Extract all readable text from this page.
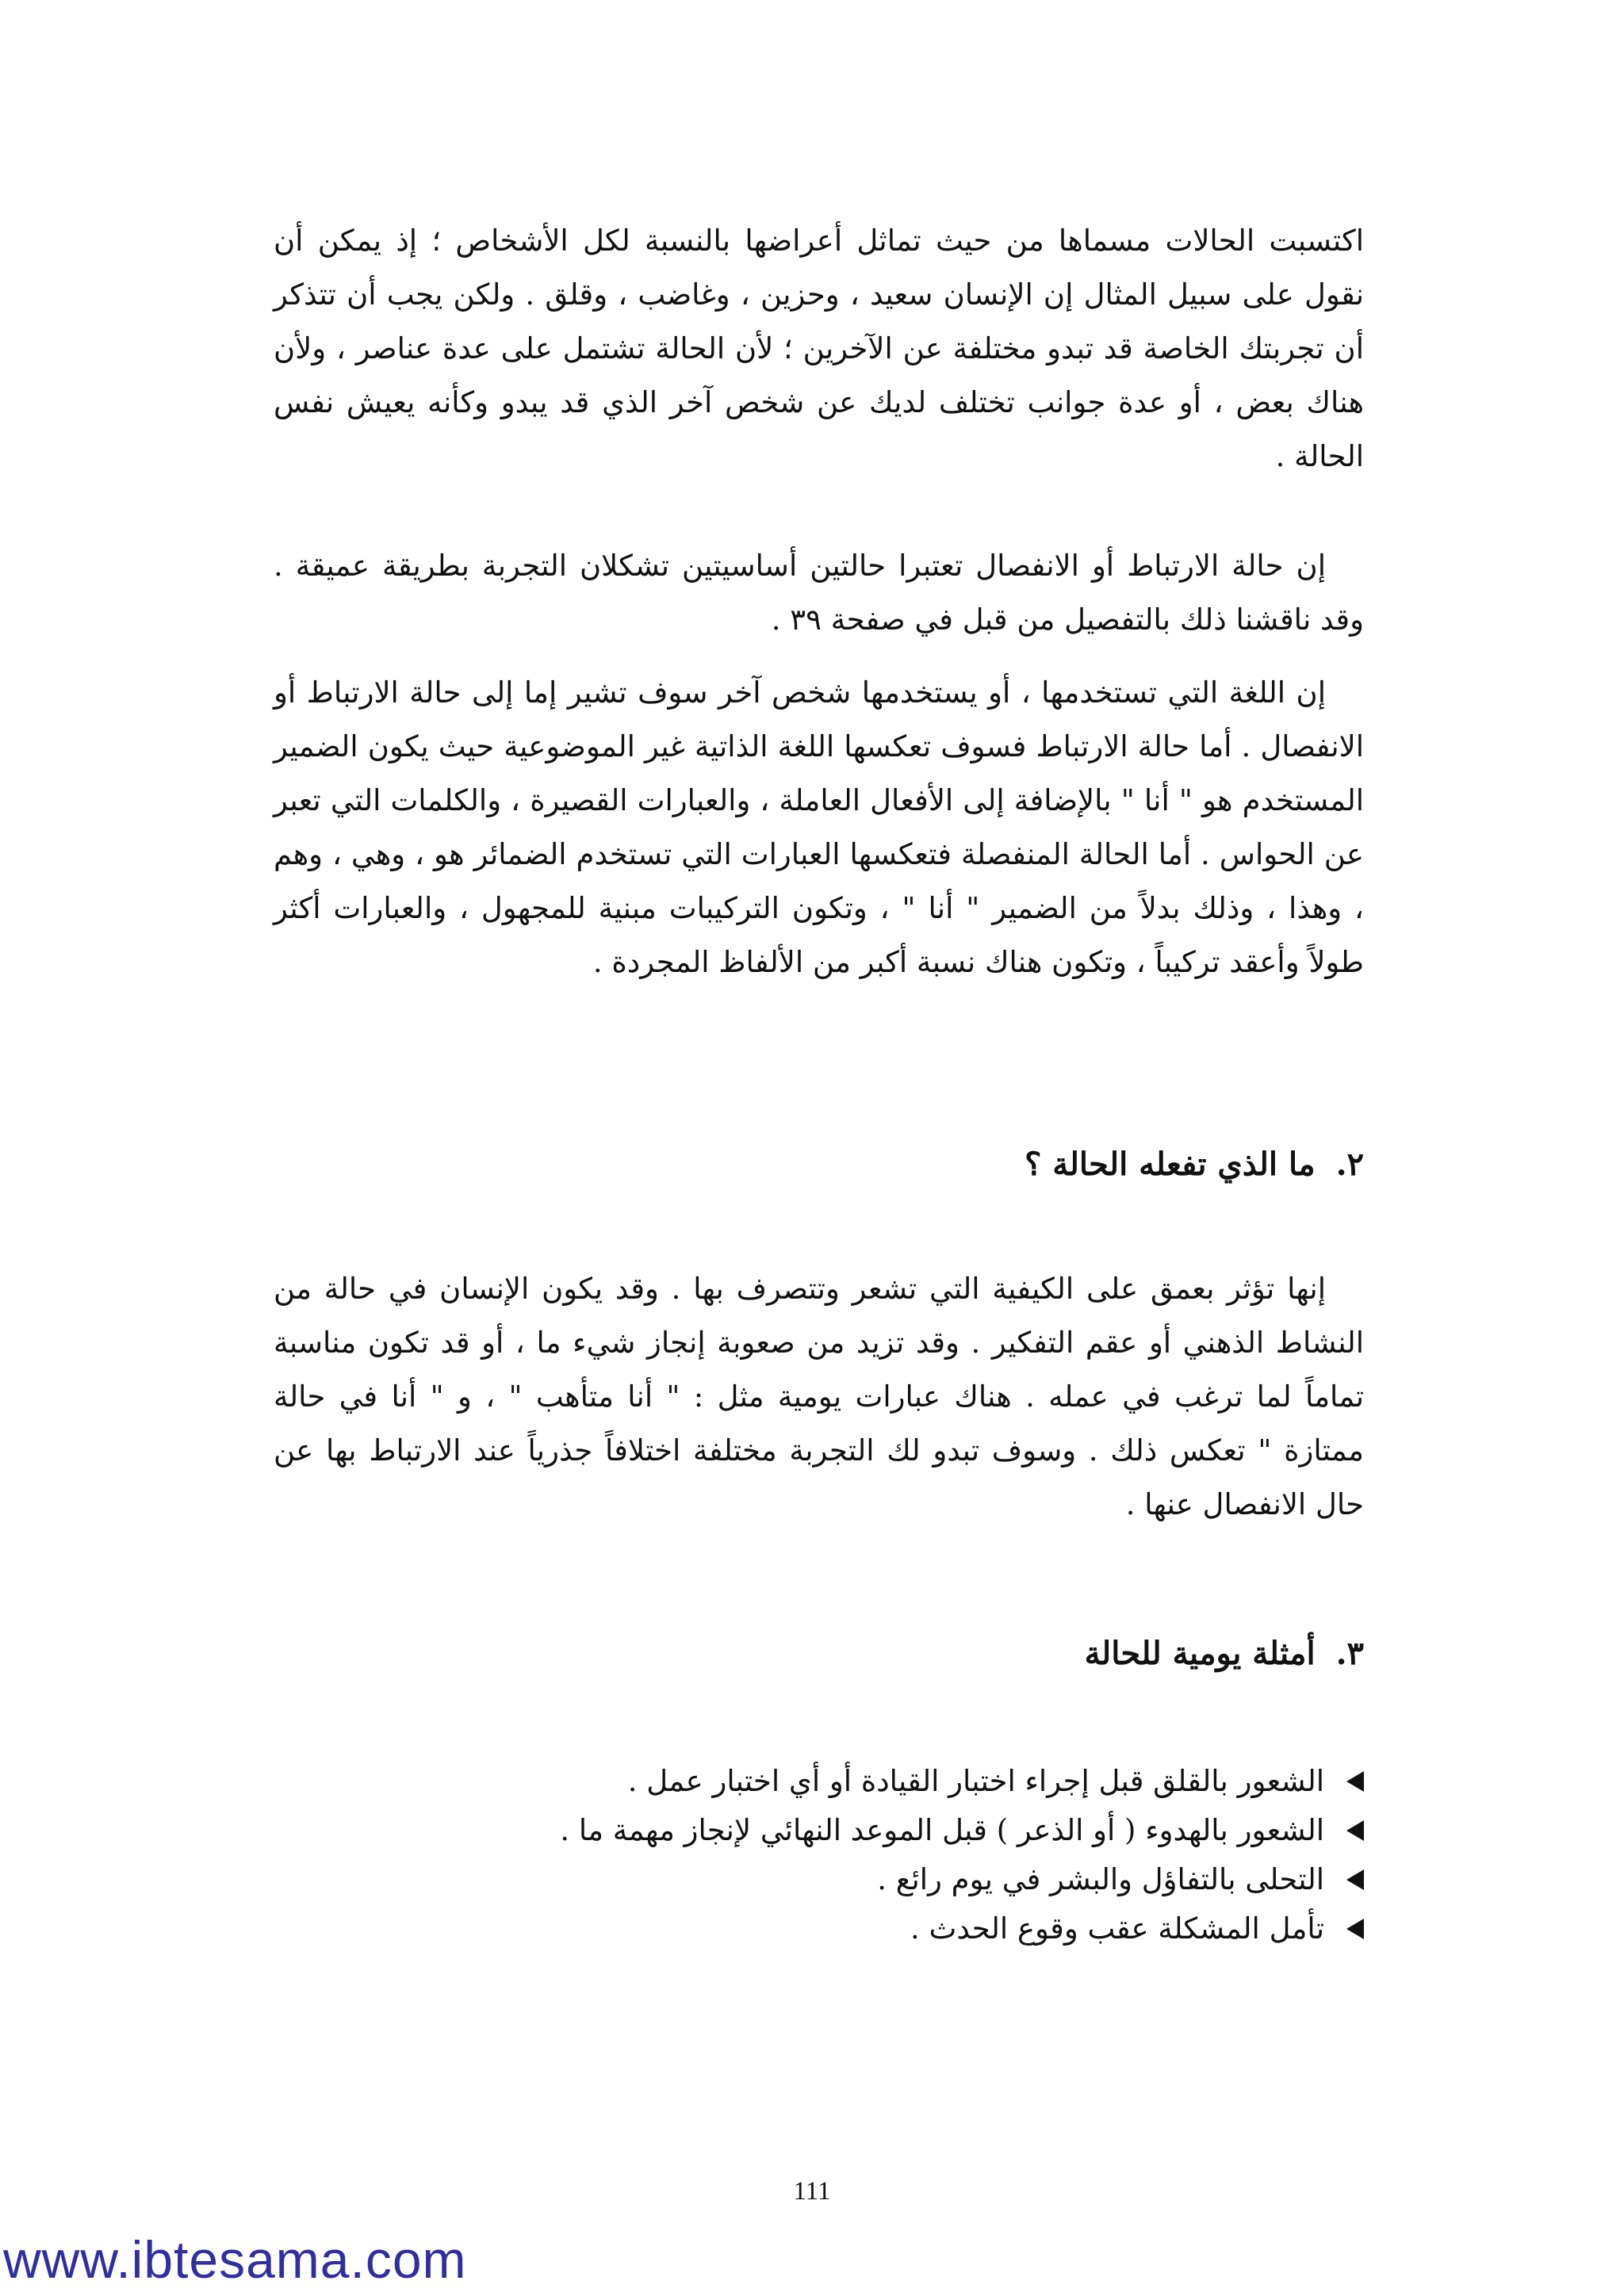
اكتسبت الحالات مسماها من حيث تماثل أعراضها بالنسبة لكل الأشخاص ؛ إذ يمكن أن نقول على سبيل المثال إن الإنسان سعيد ، وحزين ، وغاضب ، وقلق . ولكن يجب أن تتذكر أن تجربتك الخاصة قد تبدو مختلفة عن الآخرين ؛ لأن الحالة تشتمل على عدة عناصر ، ولأن هناك بعض ، أو عدة جوانب تختلف لديك عن شخص آخر الذي قد يبدو وكأنه يعيش نفس الحالة .

إن حالة الارتباط أو الانفصال تعتبرا حالتين أساسيتين تشكلان التجربة بطريقة عميقة . وقد ناقشنا ذلك بالتفصيل من قبل في صفحة ٣٩ .

إن اللغة التي تستخدمها ، أو يستخدمها شخص آخر سوف تشير إما إلى حالة الارتباط أو الانفصال . أما حالة الارتباط فسوف تعكسها اللغة الذاتية غير الموضوعية حيث يكون الضمير المستخدم هو " أنا " بالإضافة إلى الأفعال العاملة ، والعبارات القصيرة ، والكلمات التي تعبر عن الحواس . أما الحالة المنفصلة فتعكسها العبارات التي تستخدم الضمائر هو ، وهي ، وهم ، وهذا ، وذلك بدلاً من الضمير " أنا " ، وتكون التركيبات مبنية للمجهول ، والعبارات أكثر طولاً وأعقد تركيباً ، وتكون هناك نسبة أكبر من الألفاظ المجردة .

٢.ما الذي تفعله الحالة ؟

إنها تؤثر بعمق على الكيفية التي تشعر وتتصرف بها . وقد يكون الإنسان في حالة من النشاط الذهني أو عقم التفكير . وقد تزيد من صعوبة إنجاز شيء ما ، أو قد تكون مناسبة تماماً لما ترغب في عمله . هناك عبارات يومية مثل : " أنا متأهب " ، و " أنا في حالة ممتازة " تعكس ذلك . وسوف تبدو لك التجربة مختلفة اختلافاً جذرياً عند الارتباط بها عن حال الانفصال عنها .

٣.أمثلة يومية للحالة
الشعور بالقلق قبل إجراء اختبار القيادة أو أي اختبار عمل .
الشعور بالهدوء ( أو الذعر ) قبل الموعد النهائي لإنجاز مهمة ما .
التحلى بالتفاؤل والبشر في يوم رائع .
تأمل المشكلة عقب وقوع الحدث .
111
www.ibtesama.com
